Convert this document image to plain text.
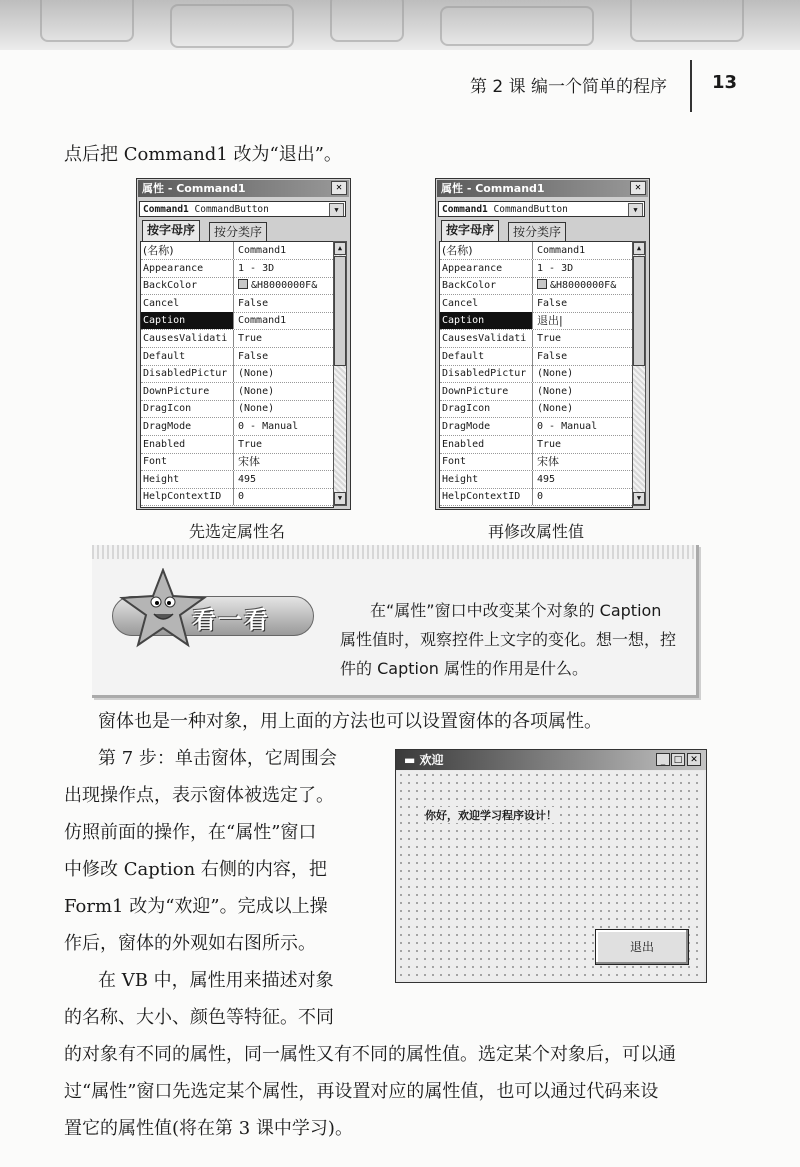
第 2 课 编一个简单的程序	13
点后把 Command1 改为“退出”。
属性 - Command1	✕
Command1 CommandButton	▼
按字母序	按分类序
(名称)	Command1
Appearance	1 - 3D
BackColor	&H8000000F&
Cancel	False
Caption	Command1
CausesValidati	True
Default	False
DisabledPictur	(None)
DownPicture	(None)
DragIcon	(None)
DragMode	0 - Manual
Enabled	True
Font	宋体
Height	495
HelpContextID	0
▲
▼
先选定属性名
属性 - Command1	✕
Command1 CommandButton	▼
按字母序	按分类序
(名称)	Command1
Appearance	1 - 3D
BackColor	&H8000000F&
Cancel	False
Caption	退出|
CausesValidati	True
Default	False
DisabledPictur	(None)
DownPicture	(None)
DragIcon	(None)
DragMode	0 - Manual
Enabled	True
Font	宋体
Height	495
HelpContextID	0
▲
▼
再修改属性值
看一看	在“属性”窗口中改变某个对象的 Caption
属性值时，观察控件上文字的变化。想一想，控
件的 Caption 属性的作用是什么。
窗体也是一种对象，用上面的方法也可以设置窗体的各项属性。
第 7 步：单击窗体，它周围会
出现操作点，表示窗体被选定了。
仿照前面的操作，在“属性”窗口
中修改 Caption 右侧的内容，把
Form1 改为“欢迎”。完成以上操
作后，窗体的外观如右图所示。
在 VB 中，属性用来描述对象
的名称、大小、颜色等特征。不同
的对象有不同的属性，同一属性又有不同的属性值。选定某个对象后，可以通
过“属性”窗口先选定某个属性，再设置对应的属性值，也可以通过代码来设
置它的属性值(将在第 3 课中学习)。
▬ 欢迎	_ □ ✕
你好，欢迎学习程序设计！
退出
